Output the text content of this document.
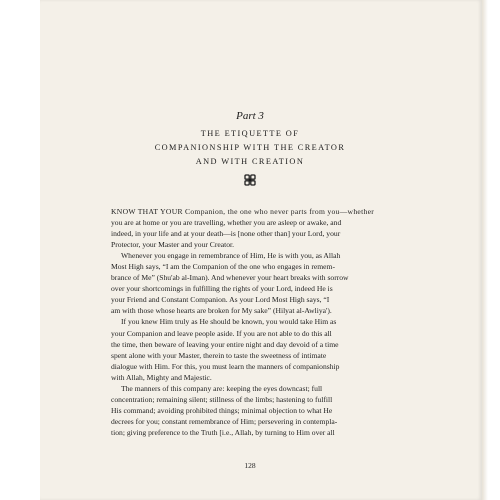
Part 3
THE ETIQUETTE OF
COMPANIONSHIP WITH THE CREATOR
AND WITH CREATION
KNOW THAT YOUR Companion, the one who never parts from you—whether
you are at home or you are travelling, whether you are asleep or awake, and
indeed, in your life and at your death—is [none other than] your Lord, your
Protector, your Master and your Creator.
Whenever you engage in remembrance of Him, He is with you, as Allah
Most High says, “I am the Companion of the one who engages in remem-
brance of Me” (Shu'ab al-Iman). And whenever your heart breaks with sorrow
over your shortcomings in fulfilling the rights of your Lord, indeed He is
your Friend and Constant Companion. As your Lord Most High says, “I
am with those whose hearts are broken for My sake” (Hilyat al-Awliya').
If you knew Him truly as He should be known, you would take Him as
your Companion and leave people aside. If you are not able to do this all
the time, then beware of leaving your entire night and day devoid of a time
spent alone with your Master, therein to taste the sweetness of intimate
dialogue with Him. For this, you must learn the manners of companionship
with Allah, Mighty and Majestic.
The manners of this company are: keeping the eyes downcast; full
concentration; remaining silent; stillness of the limbs; hastening to fulfill
His command; avoiding prohibited things; minimal objection to what He
decrees for you; constant remembrance of Him; persevering in contempla-
tion; giving preference to the Truth [i.e., Allah, by turning to Him over all
128
